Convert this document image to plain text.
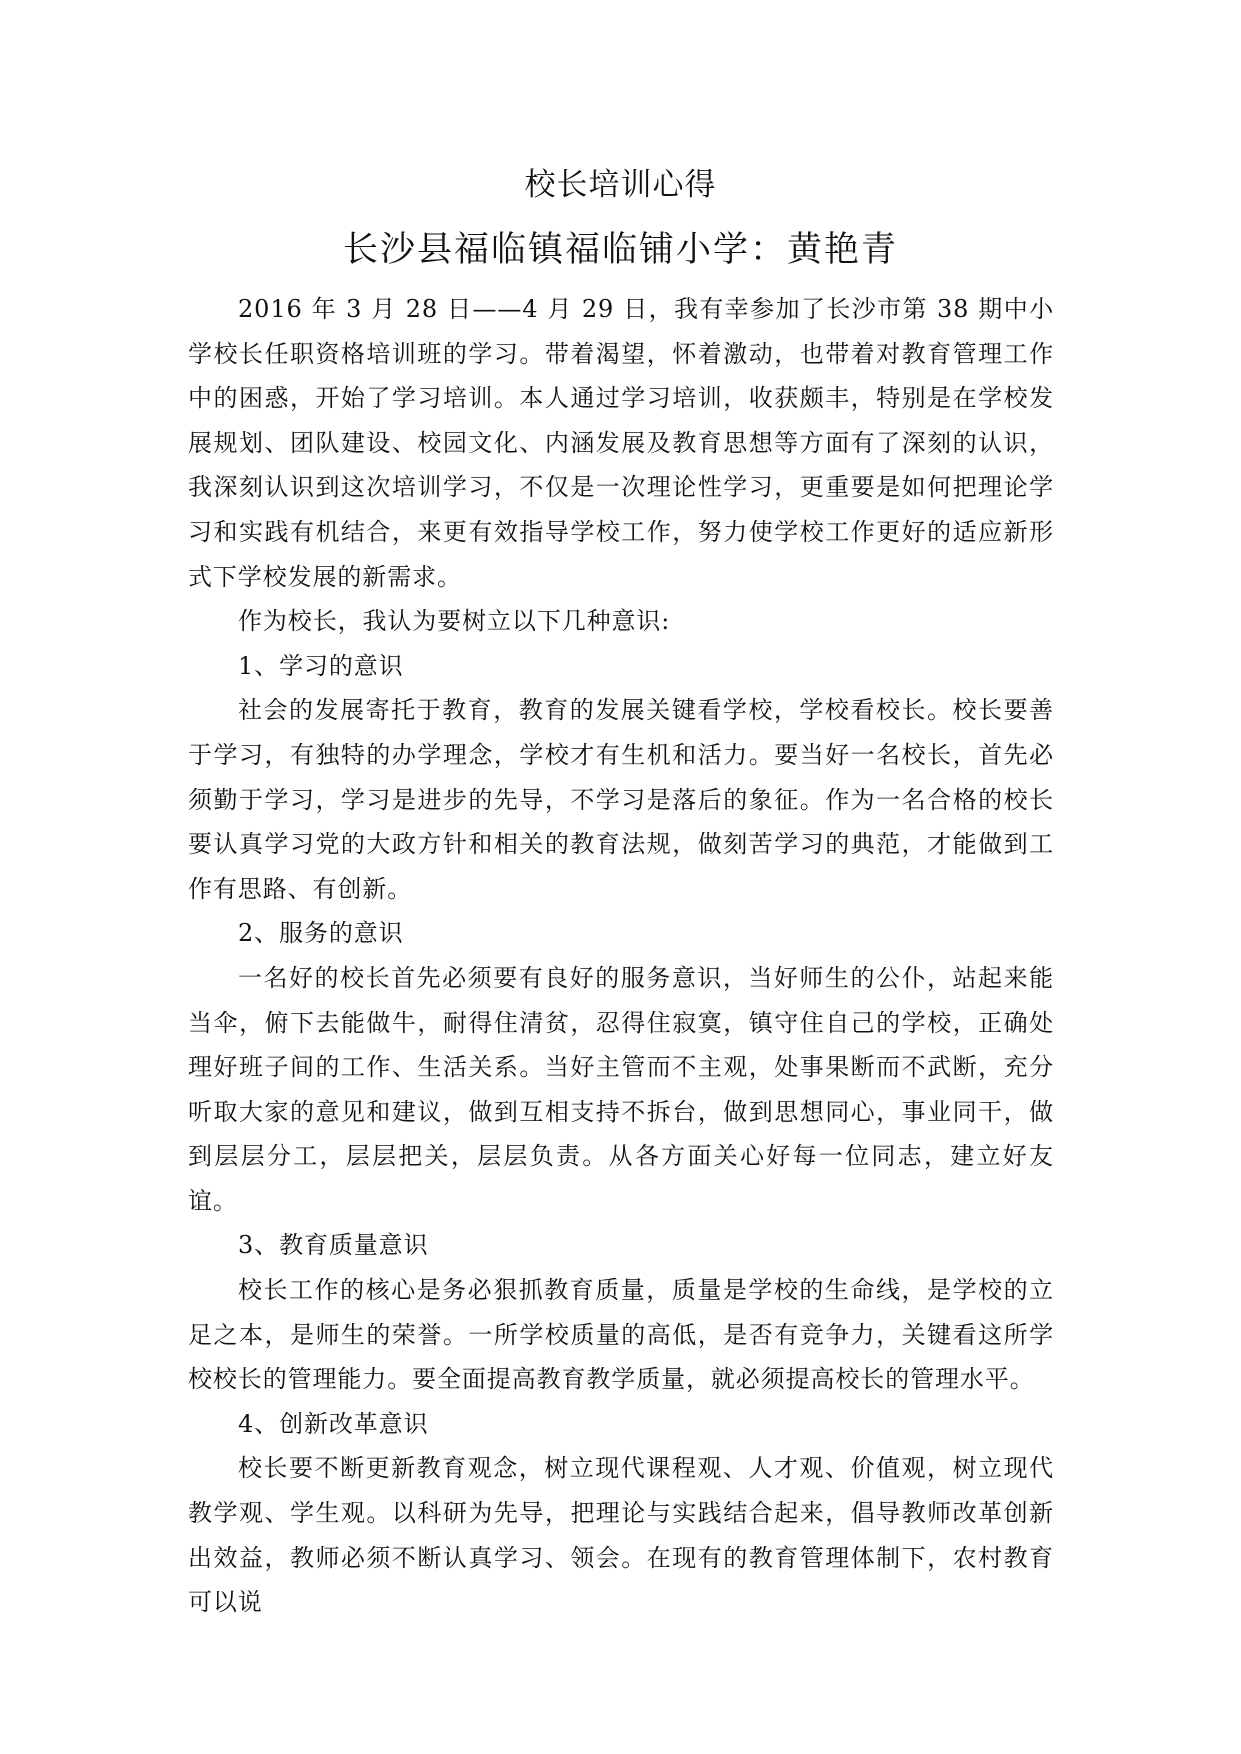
校长培训心得
长沙县福临镇福临铺小学：黄艳青

2016 年 3 月 28 日——4 月 29 日，我有幸参加了长沙市第 38 期中小学校长任职资格培训班的学习。带着渴望，怀着激动，也带着对教育管理工作中的困惑，开始了学习培训。本人通过学习培训，收获颇丰，特别是在学校发展规划、团队建设、校园文化、内涵发展及教育思想等方面有了深刻的认识，我深刻认识到这次培训学习，不仅是一次理论性学习，更重要是如何把理论学习和实践有机结合，来更有效指导学校工作，努力使学校工作更好的适应新形式下学校发展的新需求。

作为校长，我认为要树立以下几种意识:

1、学习的意识

社会的发展寄托于教育，教育的发展关键看学校，学校看校长。校长要善于学习，有独特的办学理念，学校才有生机和活力。要当好一名校长，首先必须勤于学习，学习是进步的先导，不学习是落后的象征。作为一名合格的校长要认真学习党的大政方针和相关的教育法规，做刻苦学习的典范，才能做到工作有思路、有创新。

2、服务的意识

一名好的校长首先必须要有良好的服务意识，当好师生的公仆，站起来能当伞，俯下去能做牛，耐得住清贫，忍得住寂寞，镇守住自己的学校，正确处理好班子间的工作、生活关系。当好主管而不主观，处事果断而不武断，充分听取大家的意见和建议，做到互相支持不拆台，做到思想同心，事业同干，做到层层分工，层层把关，层层负责。从各方面关心好每一位同志，建立好友谊。

3、教育质量意识

校长工作的核心是务必狠抓教育质量，质量是学校的生命线，是学校的立足之本，是师生的荣誉。一所学校质量的高低，是否有竞争力，关键看这所学校校长的管理能力。要全面提高教育教学质量，就必须提高校长的管理水平。

4、创新改革意识

校长要不断更新教育观念，树立现代课程观、人才观、价值观，树立现代教学观、学生观。以科研为先导，把理论与实践结合起来，倡导教师改革创新出效益，教师必须不断认真学习、领会。在现有的教育管理体制下，农村教育可以说
